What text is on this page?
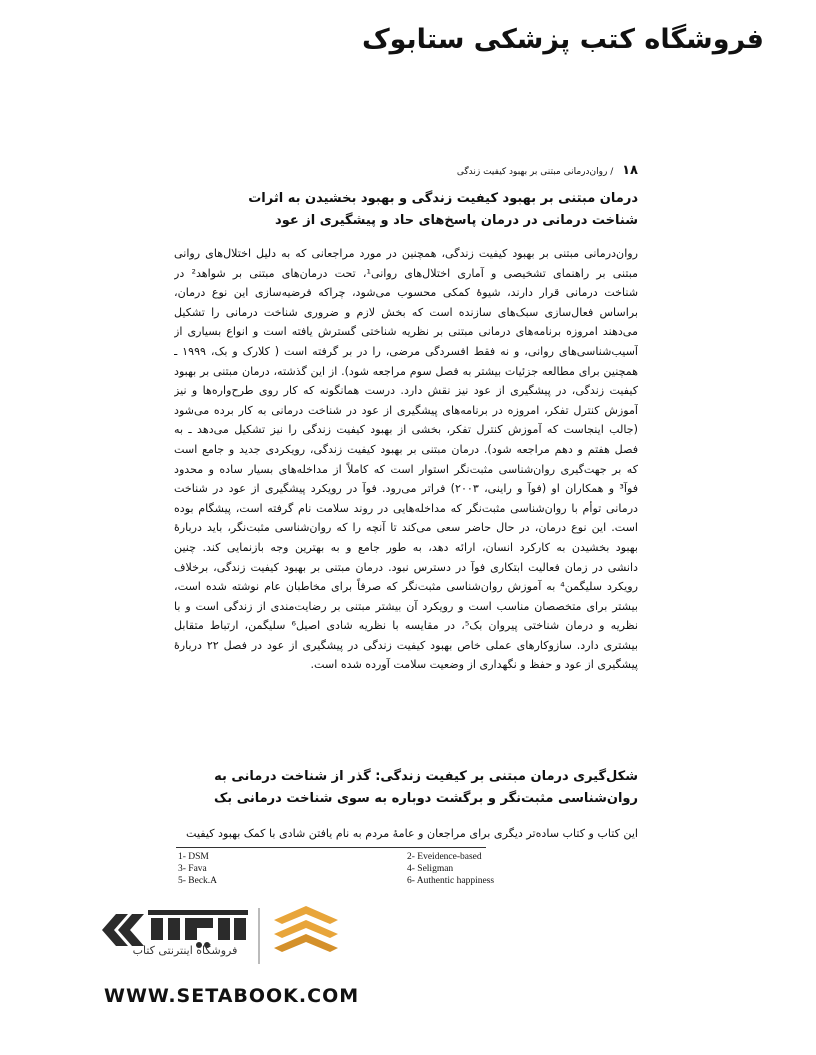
فروشگاه کتب پزشکی ستابوک
۱۸ / روان‌درمانی مبتنی بر بهبود کیفیت زندگی
درمان مبتنی بر بهبود کیفیت زندگی و بهبود بخشیدن به اثرات
شناخت درمانی در درمان پاسخ‌های حاد و پیشگیری از عود
روان‌درمانی مبتنی بر بهبود کیفیت زندگی، همچنین در مورد مراجعانی که به دلیل اختلال‌های روانی
مبتنی بر راهنمای تشخیصی و آماری اختلال‌های روانی¹، تحت درمان‌های مبتنی بر شواهد² در
شناخت درمانی قرار دارند، شیوهٔ کمکی محسوب می‌شود، چراکه فرضیه‌سازی این نوع درمان،
براساس فعال‌سازی سبک‌های سازنده است که بخش لازم و ضروری شناخت درمانی را تشکیل
می‌دهند امروزه برنامه‌های درمانی مبتنی بر نظریه شناختی گسترش یافته است و انواع بسیاری از
آسیب‌شناسی‌های روانی، و نه فقط افسردگی مرضی، را در بر گرفته است ( کلارک و بک، ۱۹۹۹ ـ
همچنین برای مطالعه جزئیات بیشتر به فصل سوم مراجعه شود). از این گذشته، درمان مبتنی بر بهبود
کیفیت زندگی، در پیشگیری از عود نیز نقش دارد. درست همانگونه که کار روی طرح‌واره‌ها و نیز
آموزش کنترل تفکر، امروزه در برنامه‌های پیشگیری از عود در شناخت درمانی به کار برده می‌شود
(جالب اینجاست که آموزش کنترل تفکر، بخشی از بهبود کیفیت زندگی را نیز تشکیل می‌دهد ـ به
فصل هفتم و دهم مراجعه شود). درمان مبتنی بر بهبود کیفیت زندگی، رویکردی جدید و جامع است
که بر جهت‌گیری روان‌شناسی مثبت‌نگر استوار است که کاملاً از مداخله‌های بسیار ساده و محدود
فوآ³ و همکاران او (فوآ و راینی، ۲۰۰۳) فراتر می‌رود. فوآ در رویکرد پیشگیری از عود در شناخت
درمانی توأم با روان‌شناسی مثبت‌نگر که مداخله‌هایی در روند سلامت نام گرفته است، پیشگام بوده
است. این نوع درمان، در حال حاضر سعی می‌کند تا آنچه را که روان‌شناسی مثبت‌نگر، باید دربارهٔ
بهبود بخشیدن به کارکرد انسان، ارائه دهد، به طور جامع و به بهترین وجه بازنمایی کند. چنین
دانشی در زمان فعالیت ابتکاری فوآ در دسترس نبود. درمان مبتنی بر بهبود کیفیت زندگی، برخلاف
رویکرد سلیگمن⁴ به آموزش روان‌شناسی مثبت‌نگر که صرفاً برای مخاطبان عام نوشته شده است،
بیشتر برای متخصصان مناسب است و رویکرد آن بیشتر مبتنی بر رضایت‌مندی از زندگی است و با
نظریه و درمان شناختی پیروان بک⁵، در مقایسه با نظریه شادی اصیل⁶ سلیگمن، ارتباط متقابل
بیشتری دارد. سازوکارهای عملی خاص بهبود کیفیت زندگی در پیشگیری از عود در فصل ۲۲ دربارهٔ
پیشگیری از عود و حفظ و نگهداری از وضعیت سلامت آورده شده است.
شکل‌گیری درمان مبتنی بر کیفیت زندگی: گذر از شناخت درمانی به
روان‌شناسی مثبت‌نگر و برگشت دوباره به سوی شناخت درمانی بک
این کتاب و کتاب ساده‌تر دیگری برای مراجعان و عامهٔ مردم به نام یافتن شادی با کمک بهبود کیفیت
1- DSM
3- Fava
5- Beck.A
2- Eveidence-based
4- Seligman
6- Authentic happiness
فروشگاه اینترنتی کتاب
WWW.SETABOOK.COM
